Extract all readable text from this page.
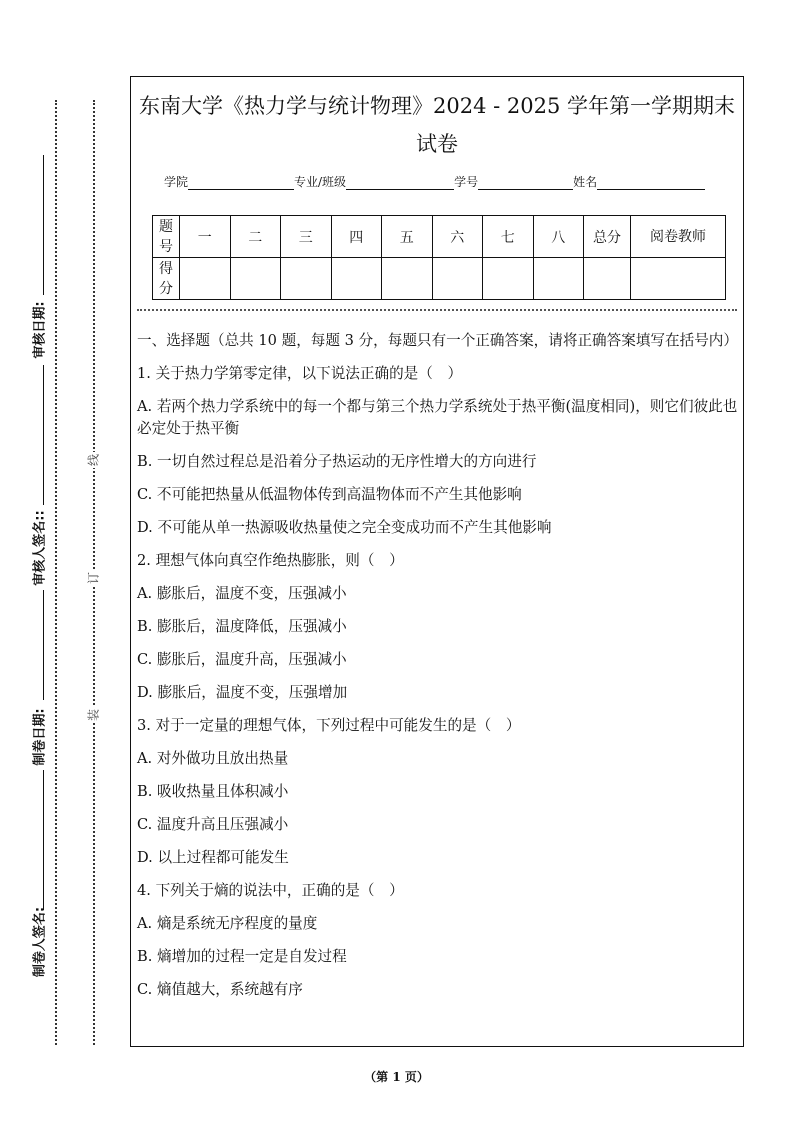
审核日期:
审核人签名::
制卷日期:
制卷人签名:
线
订
装
东南大学《热力学与统计物理》2024 - 2025 学年第一学期期末试卷
学院	专业/班级	学号	姓名
题号	一	二	三	四	五	六	七	八	总分	阅卷教师
得分										
一、选择题（总共 10 题，每题 3 分，每题只有一个正确答案，请将正确答案填写在括号内）
1. 关于热力学第零定律，以下说法正确的是（　）
A. 若两个热力学系统中的每一个都与第三个热力学系统处于热平衡(温度相同)，则它们彼此也必定处于热平衡
B. 一切自然过程总是沿着分子热运动的无序性增大的方向进行
C. 不可能把热量从低温物体传到高温物体而不产生其他影响
D. 不可能从单一热源吸收热量使之完全变成功而不产生其他影响
2. 理想气体向真空作绝热膨胀，则（　）
A. 膨胀后，温度不变，压强减小
B. 膨胀后，温度降低，压强减小
C. 膨胀后，温度升高，压强减小
D. 膨胀后，温度不变，压强增加
3. 对于一定量的理想气体，下列过程中可能发生的是（　）
A. 对外做功且放出热量
B. 吸收热量且体积减小
C. 温度升高且压强减小
D. 以上过程都可能发生
4. 下列关于熵的说法中，正确的是（　）
A. 熵是系统无序程度的量度
B. 熵增加的过程一定是自发过程
C. 熵值越大，系统越有序
（第 1 页）
